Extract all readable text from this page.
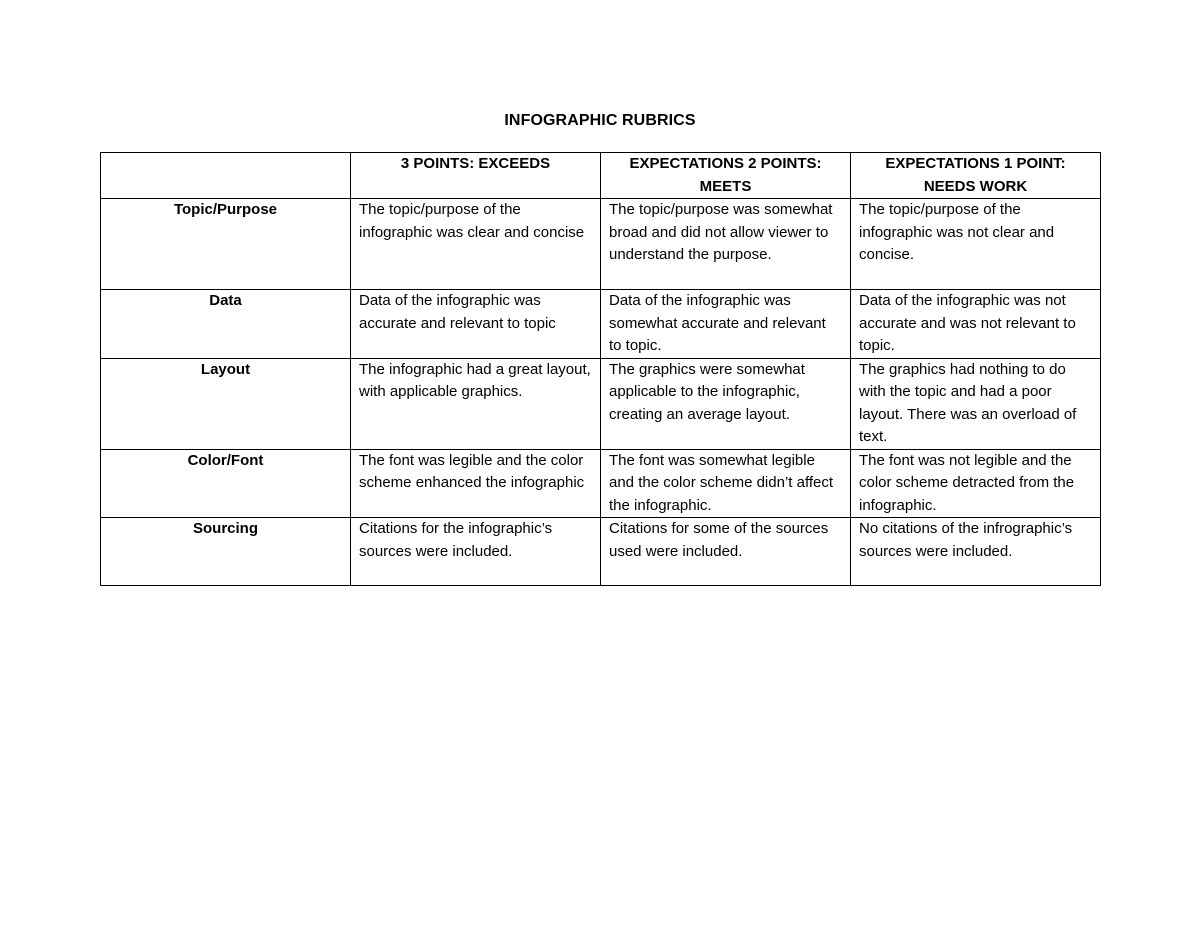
INFOGRAPHIC RUBRICS
	3 POINTS: EXCEEDS	EXPECTATIONS 2 POINTS: MEETS	EXPECTATIONS 1 POINT: NEEDS WORK
Topic/Purpose	The topic/purpose of the infographic was clear and concise	The topic/purpose was somewhat broad and did not allow viewer to understand the purpose.	The topic/purpose of the infographic was not clear and concise.
Data	Data of the infographic was accurate and relevant to topic	Data of the infographic was somewhat accurate and relevant to topic.	Data of the infographic was not accurate and was not relevant to topic.
Layout	The infographic had a great layout, with applicable graphics.	The graphics were somewhat applicable to the infographic, creating an average layout.	The graphics had nothing to do with the topic and had a poor layout. There was an overload of text.
Color/Font	The font was legible and the color scheme enhanced the infographic	The font was somewhat legible and the color scheme didn’t affect the infographic.	The font was not legible and the color scheme detracted from the infographic.
Sourcing	Citations for the infographic’s sources were included.	Citations for some of the sources used were included.	No citations of the infrographic’s sources were included.
